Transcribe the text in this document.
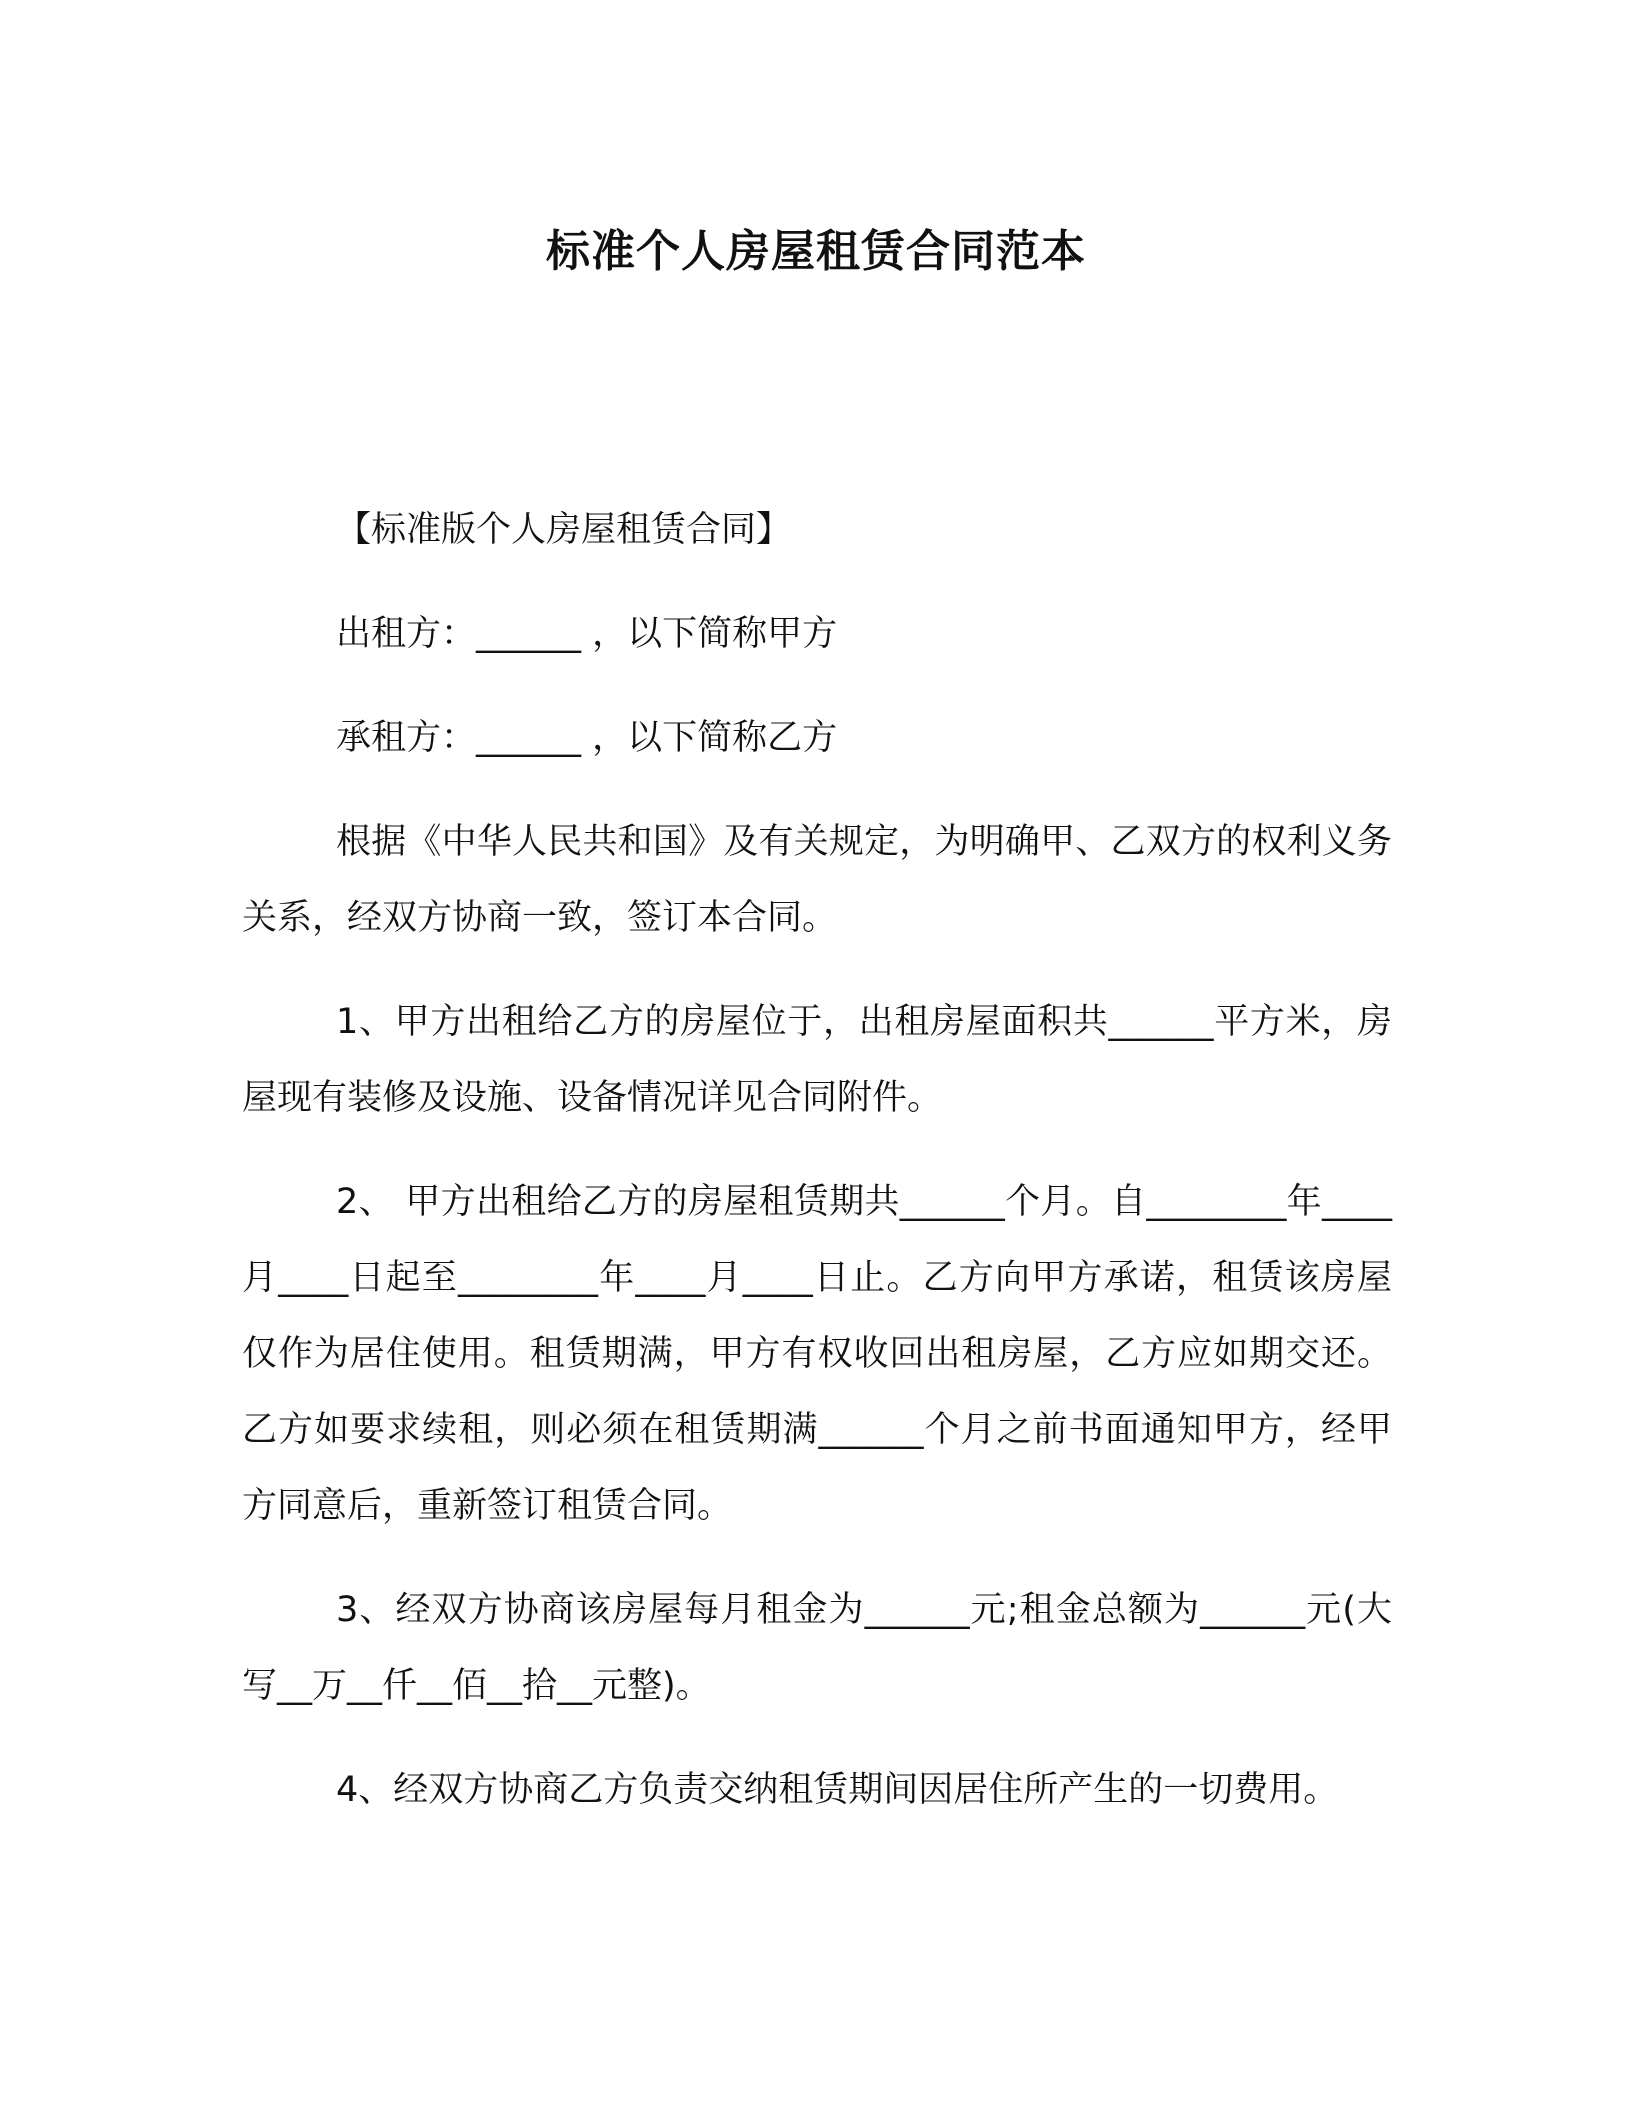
标准个人房屋租赁合同范本

【标准版个人房屋租赁合同】

出租方：______ ，以下简称甲方

承租方：______ ，以下简称乙方

根据《中华人民共和国》及有关规定，为明确甲、乙双方的权利义务关系，经双方协商一致，签订本合同。

1、甲方出租给乙方的房屋位于，出租房屋面积共______平方米，房屋现有装修及设施、设备情况详见合同附件。

2、 甲方出租给乙方的房屋租赁期共______个月。自________年____月____日起至________年____月____日止。乙方向甲方承诺，租赁该房屋仅作为居住使用。租赁期满，甲方有权收回出租房屋，乙方应如期交还。乙方如要求续租，则必须在租赁期满______个月之前书面通知甲方，经甲方同意后，重新签订租赁合同。

3、经双方协商该房屋每月租金为______元;租金总额为______元(大写__万__仟__佰__拾__元整)。

4、经双方协商乙方负责交纳租赁期间因居住所产生的一切费用。
